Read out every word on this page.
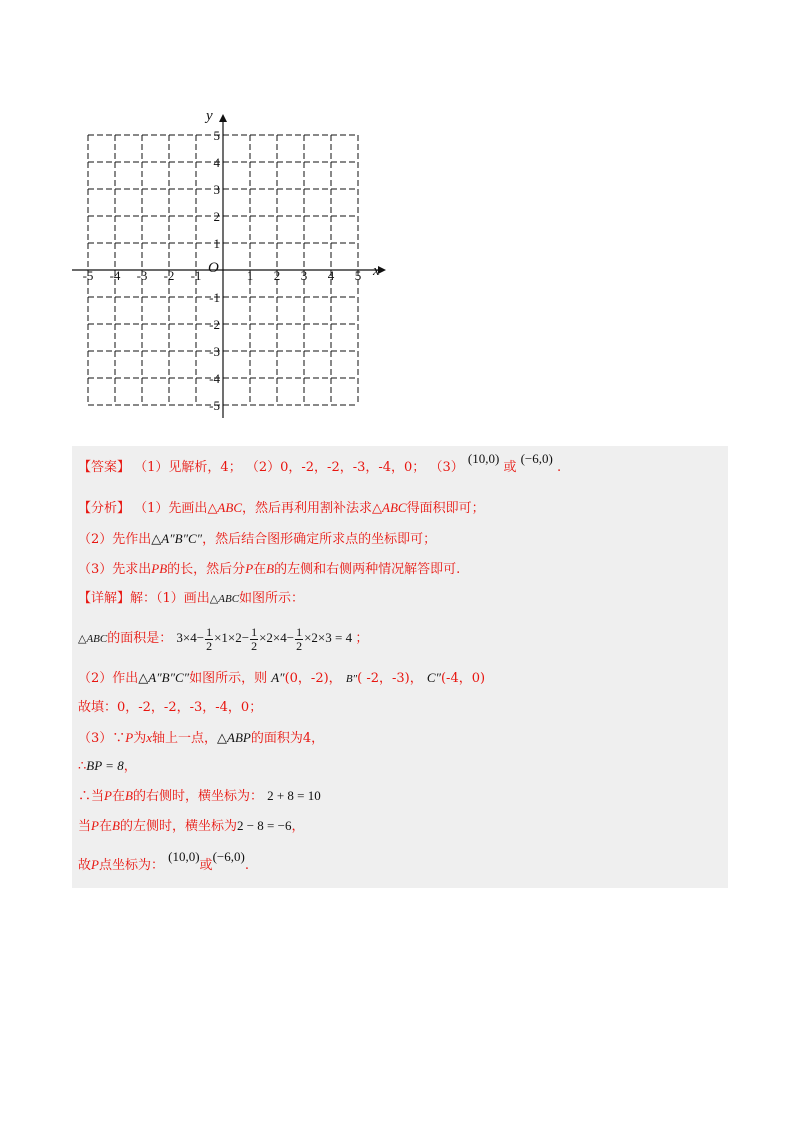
x
y
O
-5 -4 -3 -2 -1	1 2 3 4 5
5
4
3
2
1
-1
-2
-3
-4
-5
【答案】 （1）见解析，4； （2）0，-2，-2，-3，-4，0； （3） (10,0) 或 (−6,0) .
【分析】 （1）先画出△ABC，然后再利用割补法求△ABC得面积即可；
（2）先作出△A″B″C″，然后结合图形确定所求点的坐标即可；
（3）先求出PB的长，然后分P在B的左侧和右侧两种情况解答即可.
【详解】解：（1）画出△ABC如图所示：
△ABC的面积是： $3\times 4- \frac{1}{2} \times 1\times 2- \frac{1}{2} \times 2\times 4- \frac{1}{2} \times 2\times 3 = 4$ ；
（2）作出△A″B″C″如图所示，则 A″(0，-2)， B″( -2，-3)， C″(-4，0)
故填：0，-2，-2，-3，-4，0；
（3）∵P为x轴上一点，△ABP的面积为4，
∴BP = 8，
∴当P在B的右侧时，横坐标为： 2 + 8 = 10
当P在B的左侧时，横坐标为2 − 8 = −6，
故P点坐标为： (10,0)或(−6,0).
